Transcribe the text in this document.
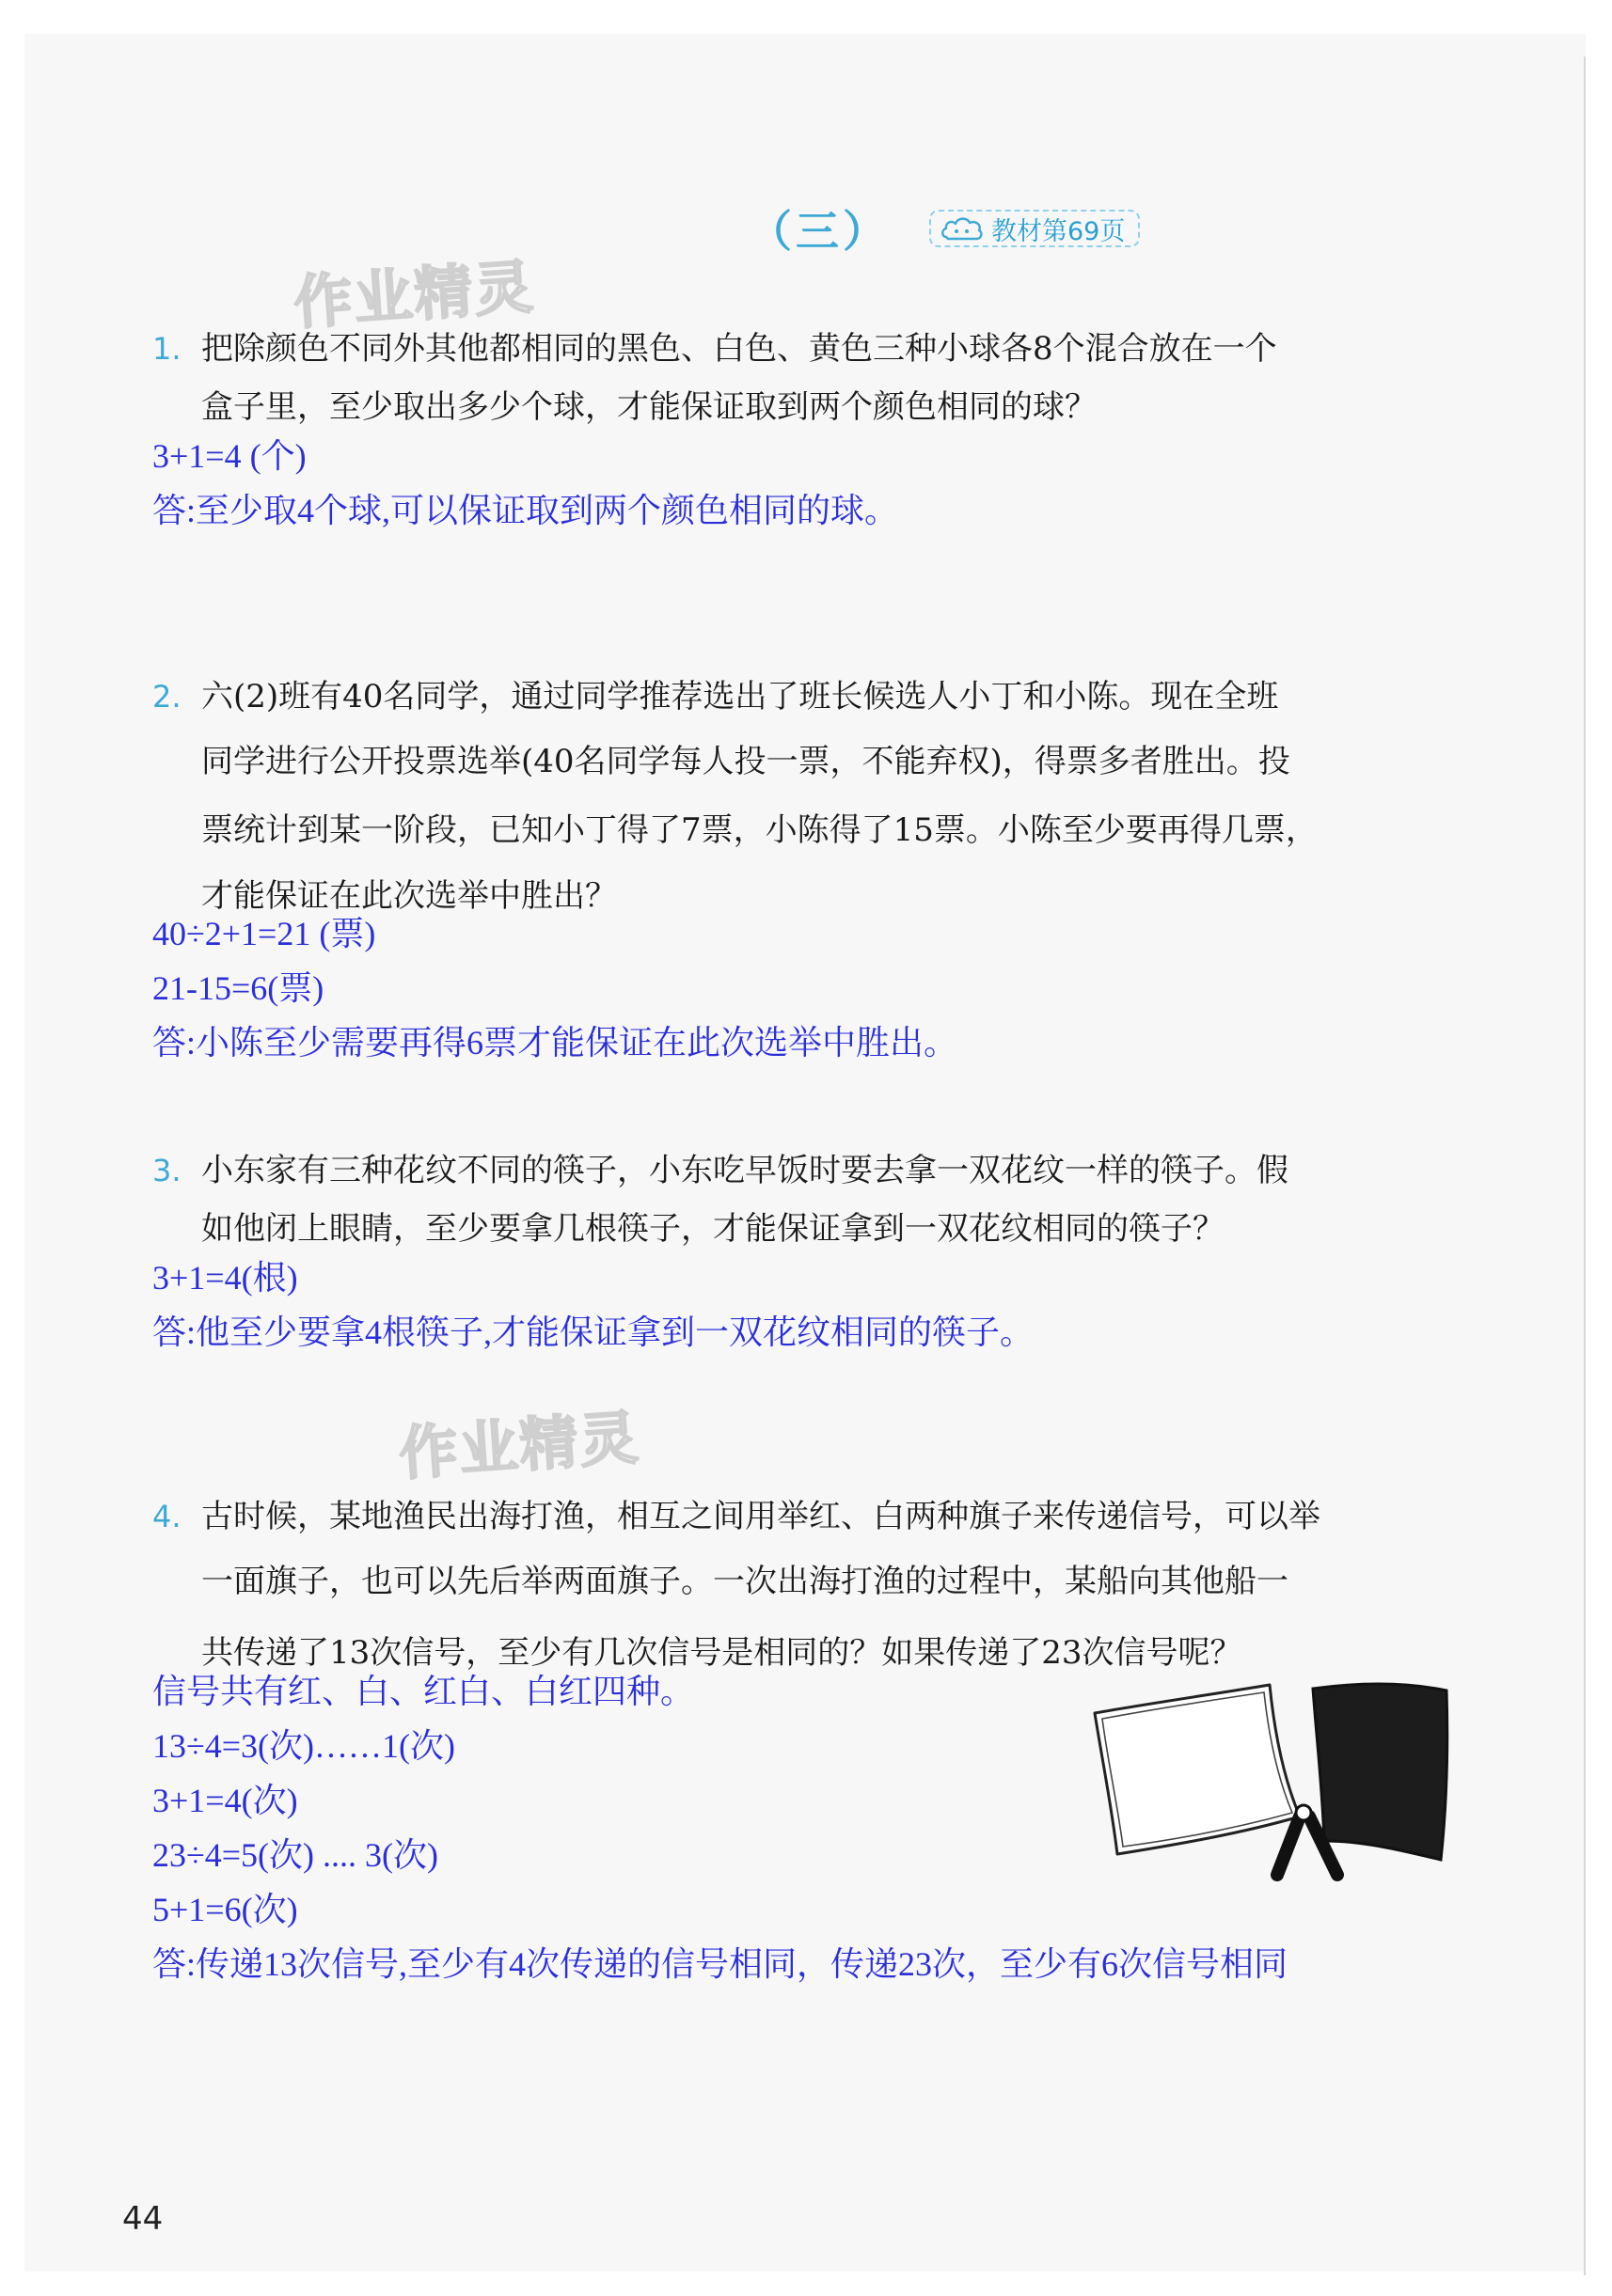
（三）	教材第69页
作业精灵
作业精灵
1. 把除颜色不同外其他都相同的黑色、白色、黄色三种小球各8个混合放在一个
盒子里，至少取出多少个球，才能保证取到两个颜色相同的球？
3+1=4 (个)
答:至少取4个球,可以保证取到两个颜色相同的球。
2. 六(2)班有40名同学，通过同学推荐选出了班长候选人小丁和小陈。现在全班
同学进行公开投票选举(40名同学每人投一票，不能弃权)，得票多者胜出。投
票统计到某一阶段，已知小丁得了7票，小陈得了15票。小陈至少要再得几票，
才能保证在此次选举中胜出？
40÷2+1=21 (票)
21-15=6(票)
答:小陈至少需要再得6票才能保证在此次选举中胜出。
3. 小东家有三种花纹不同的筷子，小东吃早饭时要去拿一双花纹一样的筷子。假
如他闭上眼睛，至少要拿几根筷子，才能保证拿到一双花纹相同的筷子？
3+1=4(根)
答:他至少要拿4根筷子,才能保证拿到一双花纹相同的筷子。
4. 古时候，某地渔民出海打渔，相互之间用举红、白两种旗子来传递信号，可以举
一面旗子，也可以先后举两面旗子。一次出海打渔的过程中，某船向其他船一
共传递了13次信号，至少有几次信号是相同的？如果传递了23次信号呢？
信号共有红、白、红白、白红四种。
13÷4=3(次)……1(次)
3+1=4(次)
23÷4=5(次) .... 3(次)
5+1=6(次)
答:传递13次信号,至少有4次传递的信号相同，传递23次，至少有6次信号相同
44
